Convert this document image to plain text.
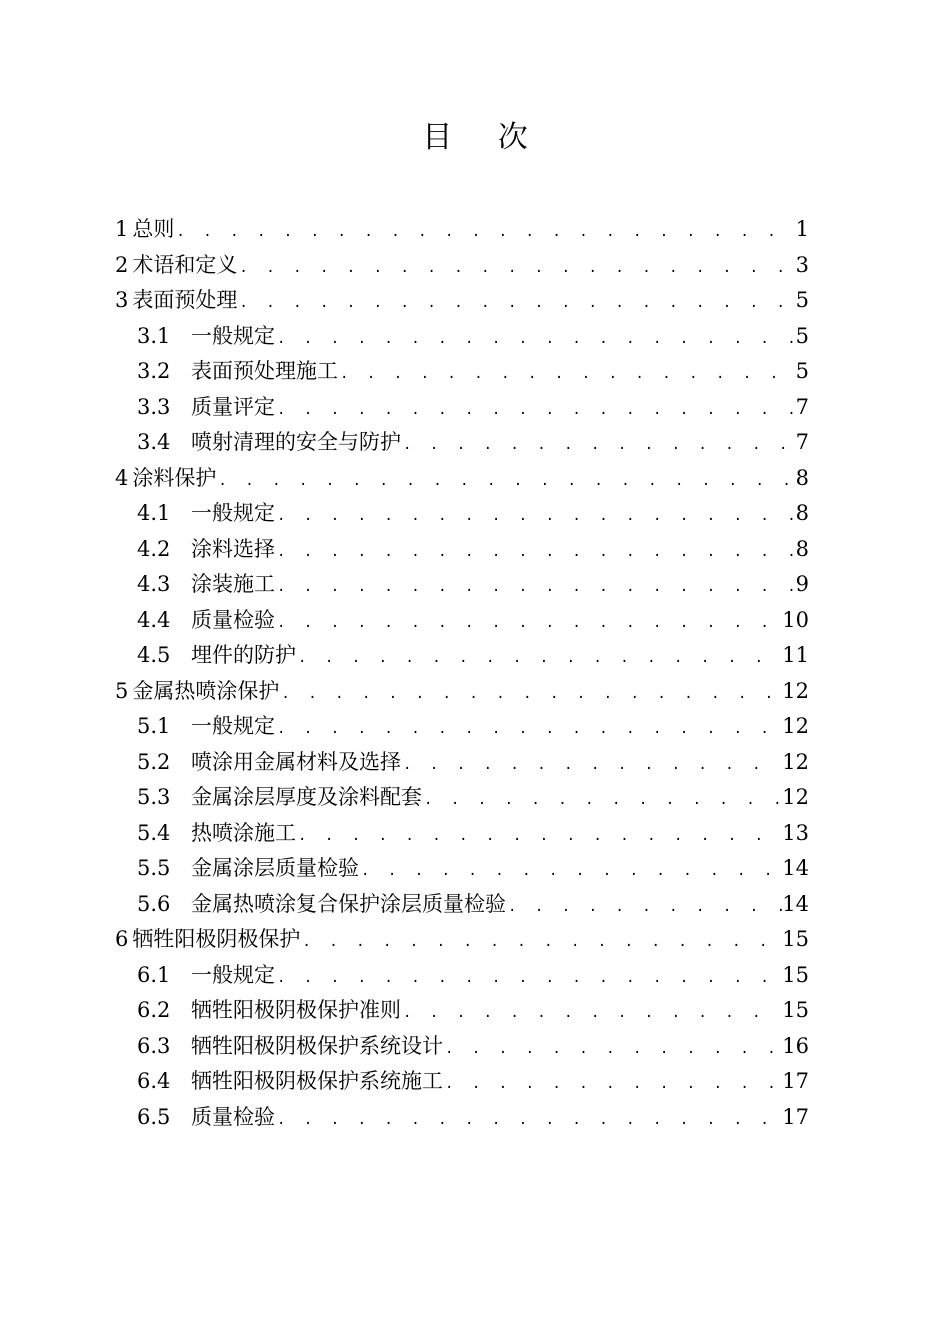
目 次
1 总则 . . .	1
2 术语和定义 . . .	3
3 表面预处理 . . .	5
3.1 一般规定 . . .	5
3.2 表面预处理施工 . . .	5
3.3 质量评定 . . .	7
3.4 喷射清理的安全与防护 . . .	7
4 涂料保护 . . .	8
4.1 一般规定 . . .	8
4.2 涂料选择 . . .	8
4.3 涂装施工 . . .	9
4.4 质量检验 . . .	10
4.5 埋件的防护 . . .	11
5 金属热喷涂保护 . . .	12
5.1 一般规定 . . .	12
5.2 喷涂用金属材料及选择 . . .	12
5.3 金属涂层厚度及涂料配套 . . .	12
5.4 热喷涂施工 . . .	13
5.5 金属涂层质量检验 . . .	14
5.6 金属热喷涂复合保护涂层质量检验 . . .	14
6 牺牲阳极阴极保护 . . .	15
6.1 一般规定 . . .	15
6.2 牺牲阳极阴极保护准则 . . .	15
6.3 牺牲阳极阴极保护系统设计 . . .	16
6.4 牺牲阳极阴极保护系统施工 . . .	17
6.5 质量检验 . . .	17
